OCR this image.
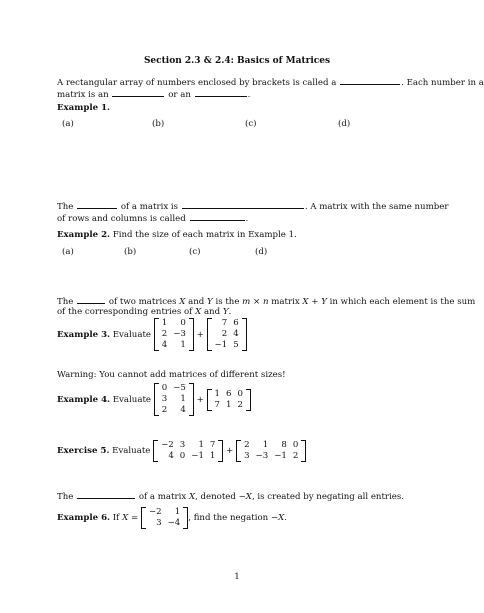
Section 2.3 & 2.4: Basics of Matrices
A rectangular array of numbers enclosed by brackets is called a	. Each number in a
matrix is an	or an	.
Example 1.
(a)	(b)	(c)	(d)
The	of a matrix is	. A matrix with the same number
of rows and columns is called	.
Example 2. Find the size of each matrix in Example 1.
(a)	(b)	(c)	(d)
The	of two matrices X and Y is the m × n matrix X + Y in which each element is the sum
of the corresponding entries of X and Y.
Example 3.
Evaluate

1	0
2	−3
4	1

+

7	6
2	4
−1	5
Warning: You cannot add matrices of different sizes!
Example 4.
Evaluate

0	−5
3	1
2	4

+

1	6	0
7	1	2
Exercise 5.
Evaluate

−2	3	1	7
4	0	−1	1
+

2	1	8	0
3	−3	−1	2
The	of a matrix X, denoted −X, is created by negating all entries.
Example 6.
If
X
=

−2	1
3	−4 , find the negation
−X .
1
